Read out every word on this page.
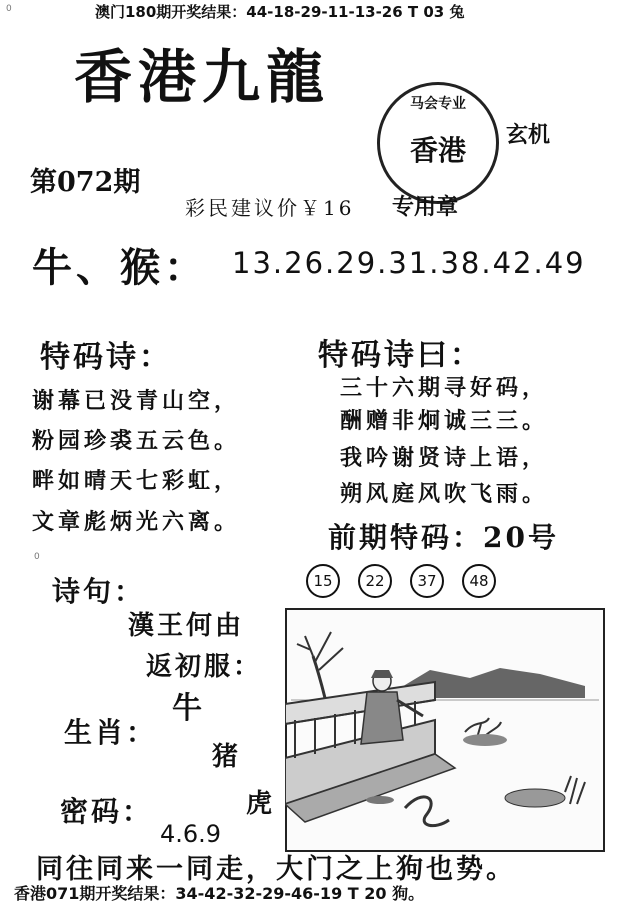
澳门180期开奖结果：44-18-29-11-13-26 T 03 兔
0
香港九龍	马会专业
香港	玄机
第072期
彩民建议价￥16 专用章
牛、猴： 13.26.29.31.38.42.49
特码诗：
谢幕已没青山空，
粉园珍裘五云色。
畔如晴天七彩虹，
文章彪炳光六离。
特码诗曰：
三十六期寻好码，
酬赠非炯诚三三。
我吟谢贤诗上语，
朔风庭风吹飞雨。
前期特码：20号
15	22	37	48
0
诗句：
漢王何由
返初服：
牛
生肖：
猪
虎
密码：
4.6.9
同往同来一同走，大门之上狗也势。
香港071期开奖结果：34-42-32-29-46-19 T 20 狗。
